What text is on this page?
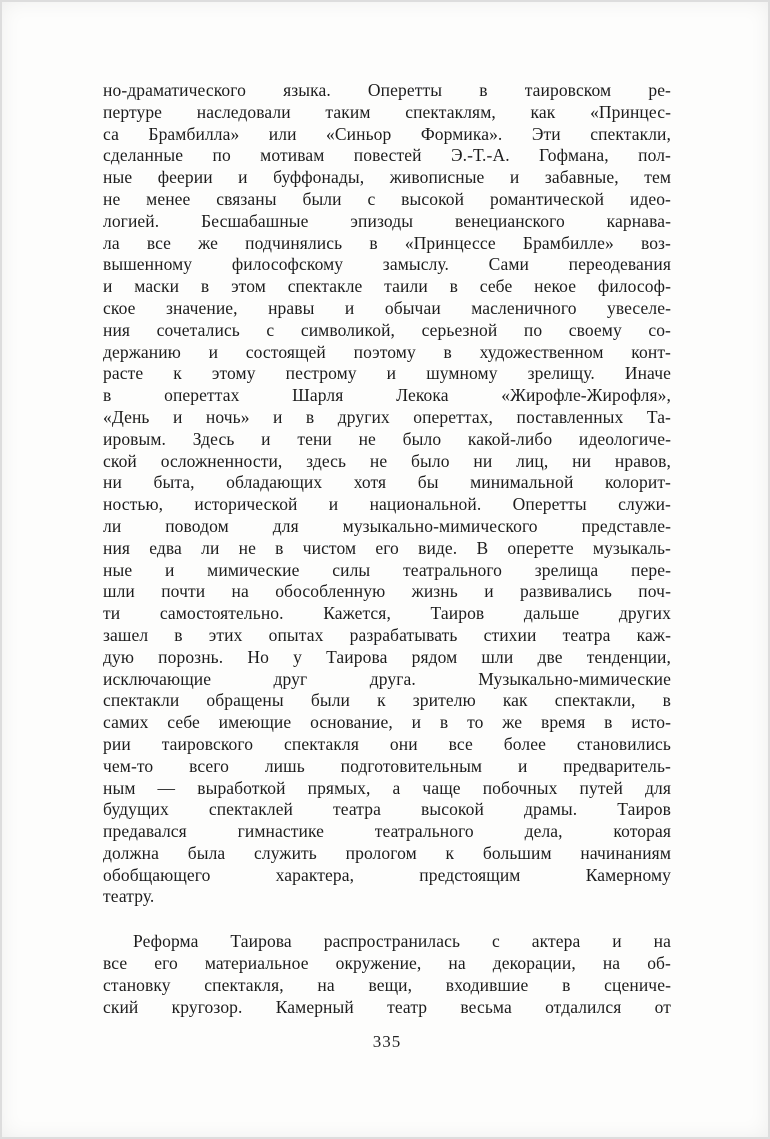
но-драматического языка. Оперетты в таировском ре-
пертуре наследовали таким спектаклям, как «Принцес-
са Брамбилла» или «Синьор Формика». Эти спектакли,
сделанные по мотивам повестей Э.-Т.-А. Гофмана, пол-
ные феерии и буффонады, живописные и забавные, тем
не менее связаны были с высокой романтической идео-
логией. Бесшабашные эпизоды венецианского карнава-
ла все же подчинялись в «Принцессе Брамбилле» воз-
вышенному философскому замыслу. Сами переодевания
и маски в этом спектакле таили в себе некое философ-
ское значение, нравы и обычаи масленичного увеселе-
ния сочетались с символикой, серьезной по своему со-
держанию и состоящей поэтому в художественном конт-
расте к этому пестрому и шумному зрелищу. Иначе
в опереттах Шарля Лекока «Жирофле-Жирофля»,
«День и ночь» и в других опереттах, поставленных Та-
ировым. Здесь и тени не было какой-либо идеологиче-
ской осложненности, здесь не было ни лиц, ни нравов,
ни быта, обладающих хотя бы минимальной колорит-
ностью, исторической и национальной. Оперетты служи-
ли поводом для музыкально-мимического представле-
ния едва ли не в чистом его виде. В оперетте музыкаль-
ные и мимические силы театрального зрелища пере-
шли почти на обособленную жизнь и развивались поч-
ти самостоятельно. Кажется, Таиров дальше других
зашел в этих опытах разрабатывать стихии театра каж-
дую порознь. Но у Таирова рядом шли две тенденции,
исключающие друг друга. Музыкально-мимические
спектакли обращены были к зрителю как спектакли, в
самих себе имеющие основание, и в то же время в исто-
рии таировского спектакля они все более становились
чем-то всего лишь подготовительным и предваритель-
ным — выработкой прямых, а чаще побочных путей для
будущих спектаклей театра высокой драмы. Таиров
предавался гимнастике театрального дела, которая
должна была служить прологом к большим начинаниям
обобщающего характера, предстоящим Камерному
театру.
Реформа Таирова распространилась с актера и на
все его материальное окружение, на декорации, на об-
становку спектакля, на вещи, входившие в сцениче-
ский кругозор. Камерный театр весьма отдалился от
335
